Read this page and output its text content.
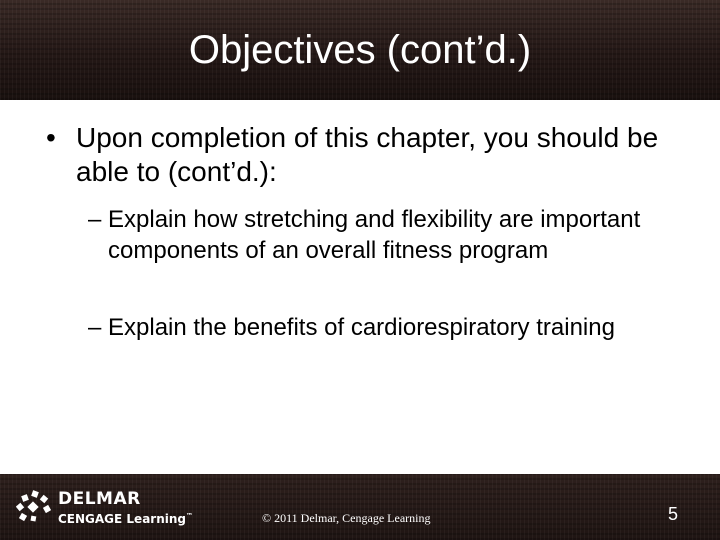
Objectives (cont’d.)
• Upon completion of this chapter, you should be able to (cont’d.):
– Explain how stretching and flexibility are important components of an overall fitness program
– Explain the benefits of cardiorespiratory training
DELMAR
CENGAGE Learning™	© 2011 Delmar, Cengage Learning	5
